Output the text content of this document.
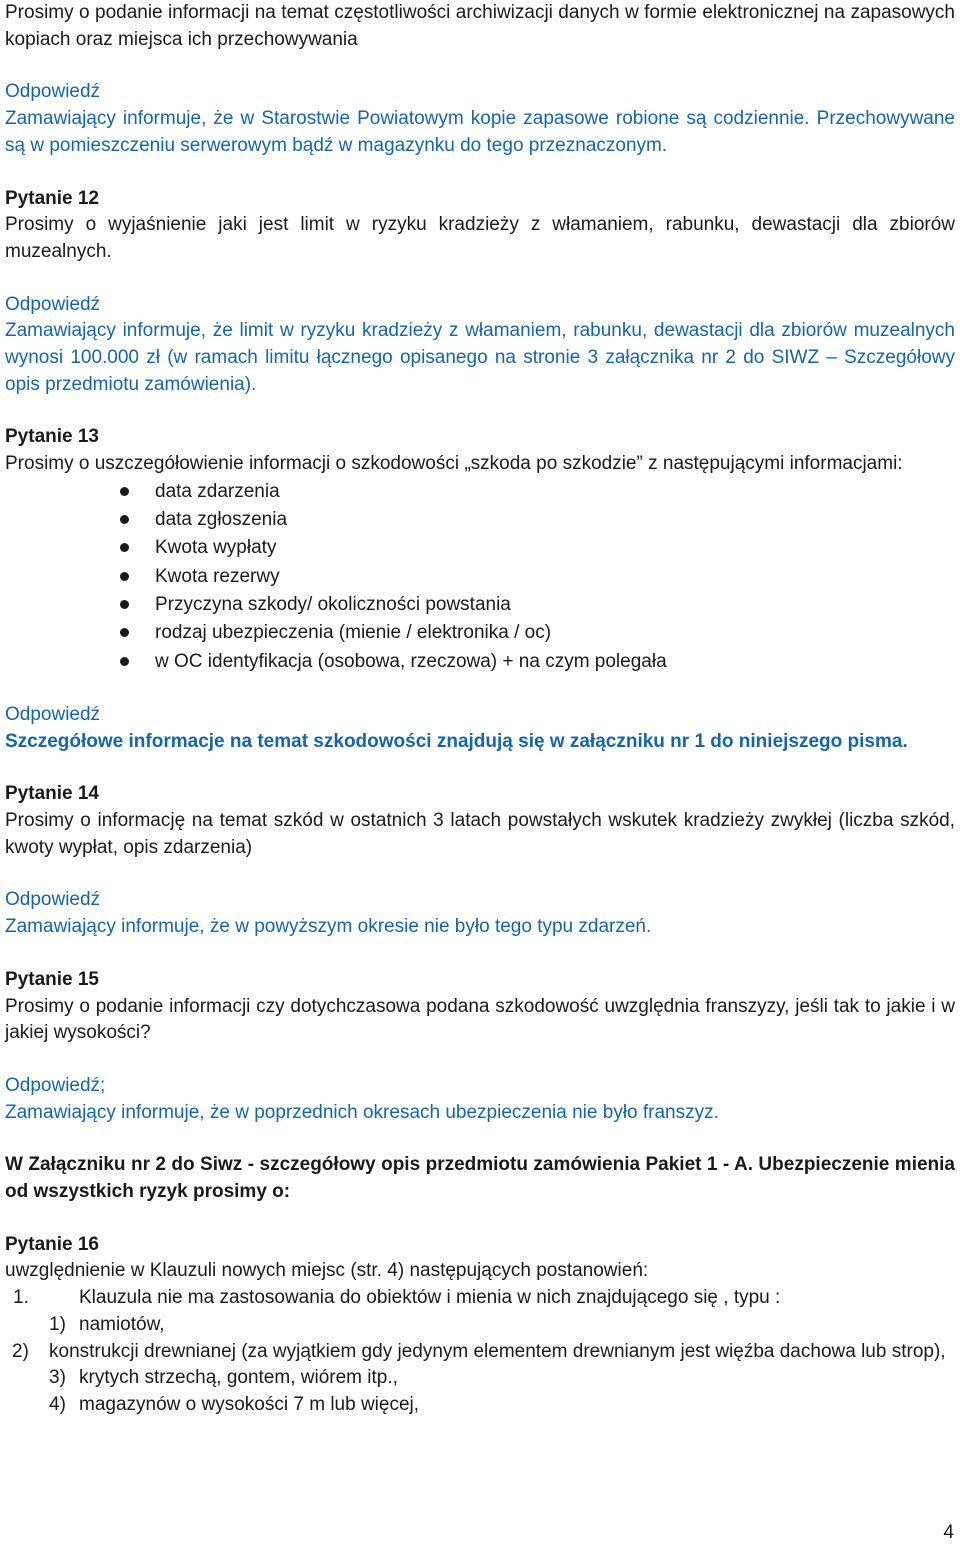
Prosimy o podanie informacji na temat częstotliwości archiwizacji danych w formie elektronicznej na zapasowych kopiach oraz miejsca ich przechowywania

Odpowiedź

Zamawiający informuje, że w Starostwie Powiatowym kopie zapasowe robione są codziennie. Przechowywane są w pomieszczeniu serwerowym bądź w magazynku do tego przeznaczonym.

Pytanie 12

Prosimy o wyjaśnienie jaki jest limit w ryzyku kradzieży z włamaniem, rabunku, dewastacji dla zbiorów muzealnych.

Odpowiedź

Zamawiający informuje, że limit w ryzyku kradzieży z włamaniem, rabunku, dewastacji dla zbiorów muzealnych wynosi 100.000 zł (w ramach limitu łącznego opisanego na stronie 3 załącznika nr 2 do SIWZ – Szczegółowy opis przedmiotu zamówienia).

Pytanie 13

Prosimy o uszczegółowienie informacji o szkodowości „szkoda po szkodzie” z następującymi informacjami:

data zdarzenia
data zgłoszenia
Kwota wypłaty
Kwota rezerwy
Przyczyna szkody/ okoliczności powstania
rodzaj ubezpieczenia (mienie / elektronika / oc)
w OC identyfikacja (osobowa, rzeczowa) + na czym polegała

Odpowiedź

Szczegółowe informacje na temat szkodowości znajdują się w załączniku nr 1 do niniejszego pisma.

Pytanie 14

Prosimy o informację na temat szkód w ostatnich 3 latach powstałych wskutek kradzieży zwykłej (liczba szkód, kwoty wypłat, opis zdarzenia)

Odpowiedź

Zamawiający informuje, że w powyższym okresie nie było tego typu zdarzeń.

Pytanie 15

Prosimy o podanie informacji czy dotychczasowa podana szkodowość uwzględnia franszyzy, jeśli tak to jakie i w jakiej wysokości?

Odpowiedź;

Zamawiający informuje, że w poprzednich okresach ubezpieczenia nie było franszyz.

W Załączniku nr 2 do Siwz - szczegółowy opis przedmiotu zamówienia Pakiet 1 - A. Ubezpieczenie mienia od wszystkich ryzyk prosimy o:

Pytanie 16

uwzględnienie w Klauzuli nowych miejsc (str. 4) następujących postanowień:

1.	Klauzula nie ma zastosowania do obiektów i mienia w nich znajdującego się , typu :
1) namiotów,
2) konstrukcji drewnianej (za wyjątkiem gdy jedynym elementem drewnianym jest więźba dachowa lub strop),
3) krytych strzechą, gontem, wiórem itp.,
4) magazynów o wysokości 7 m lub więcej,
4
